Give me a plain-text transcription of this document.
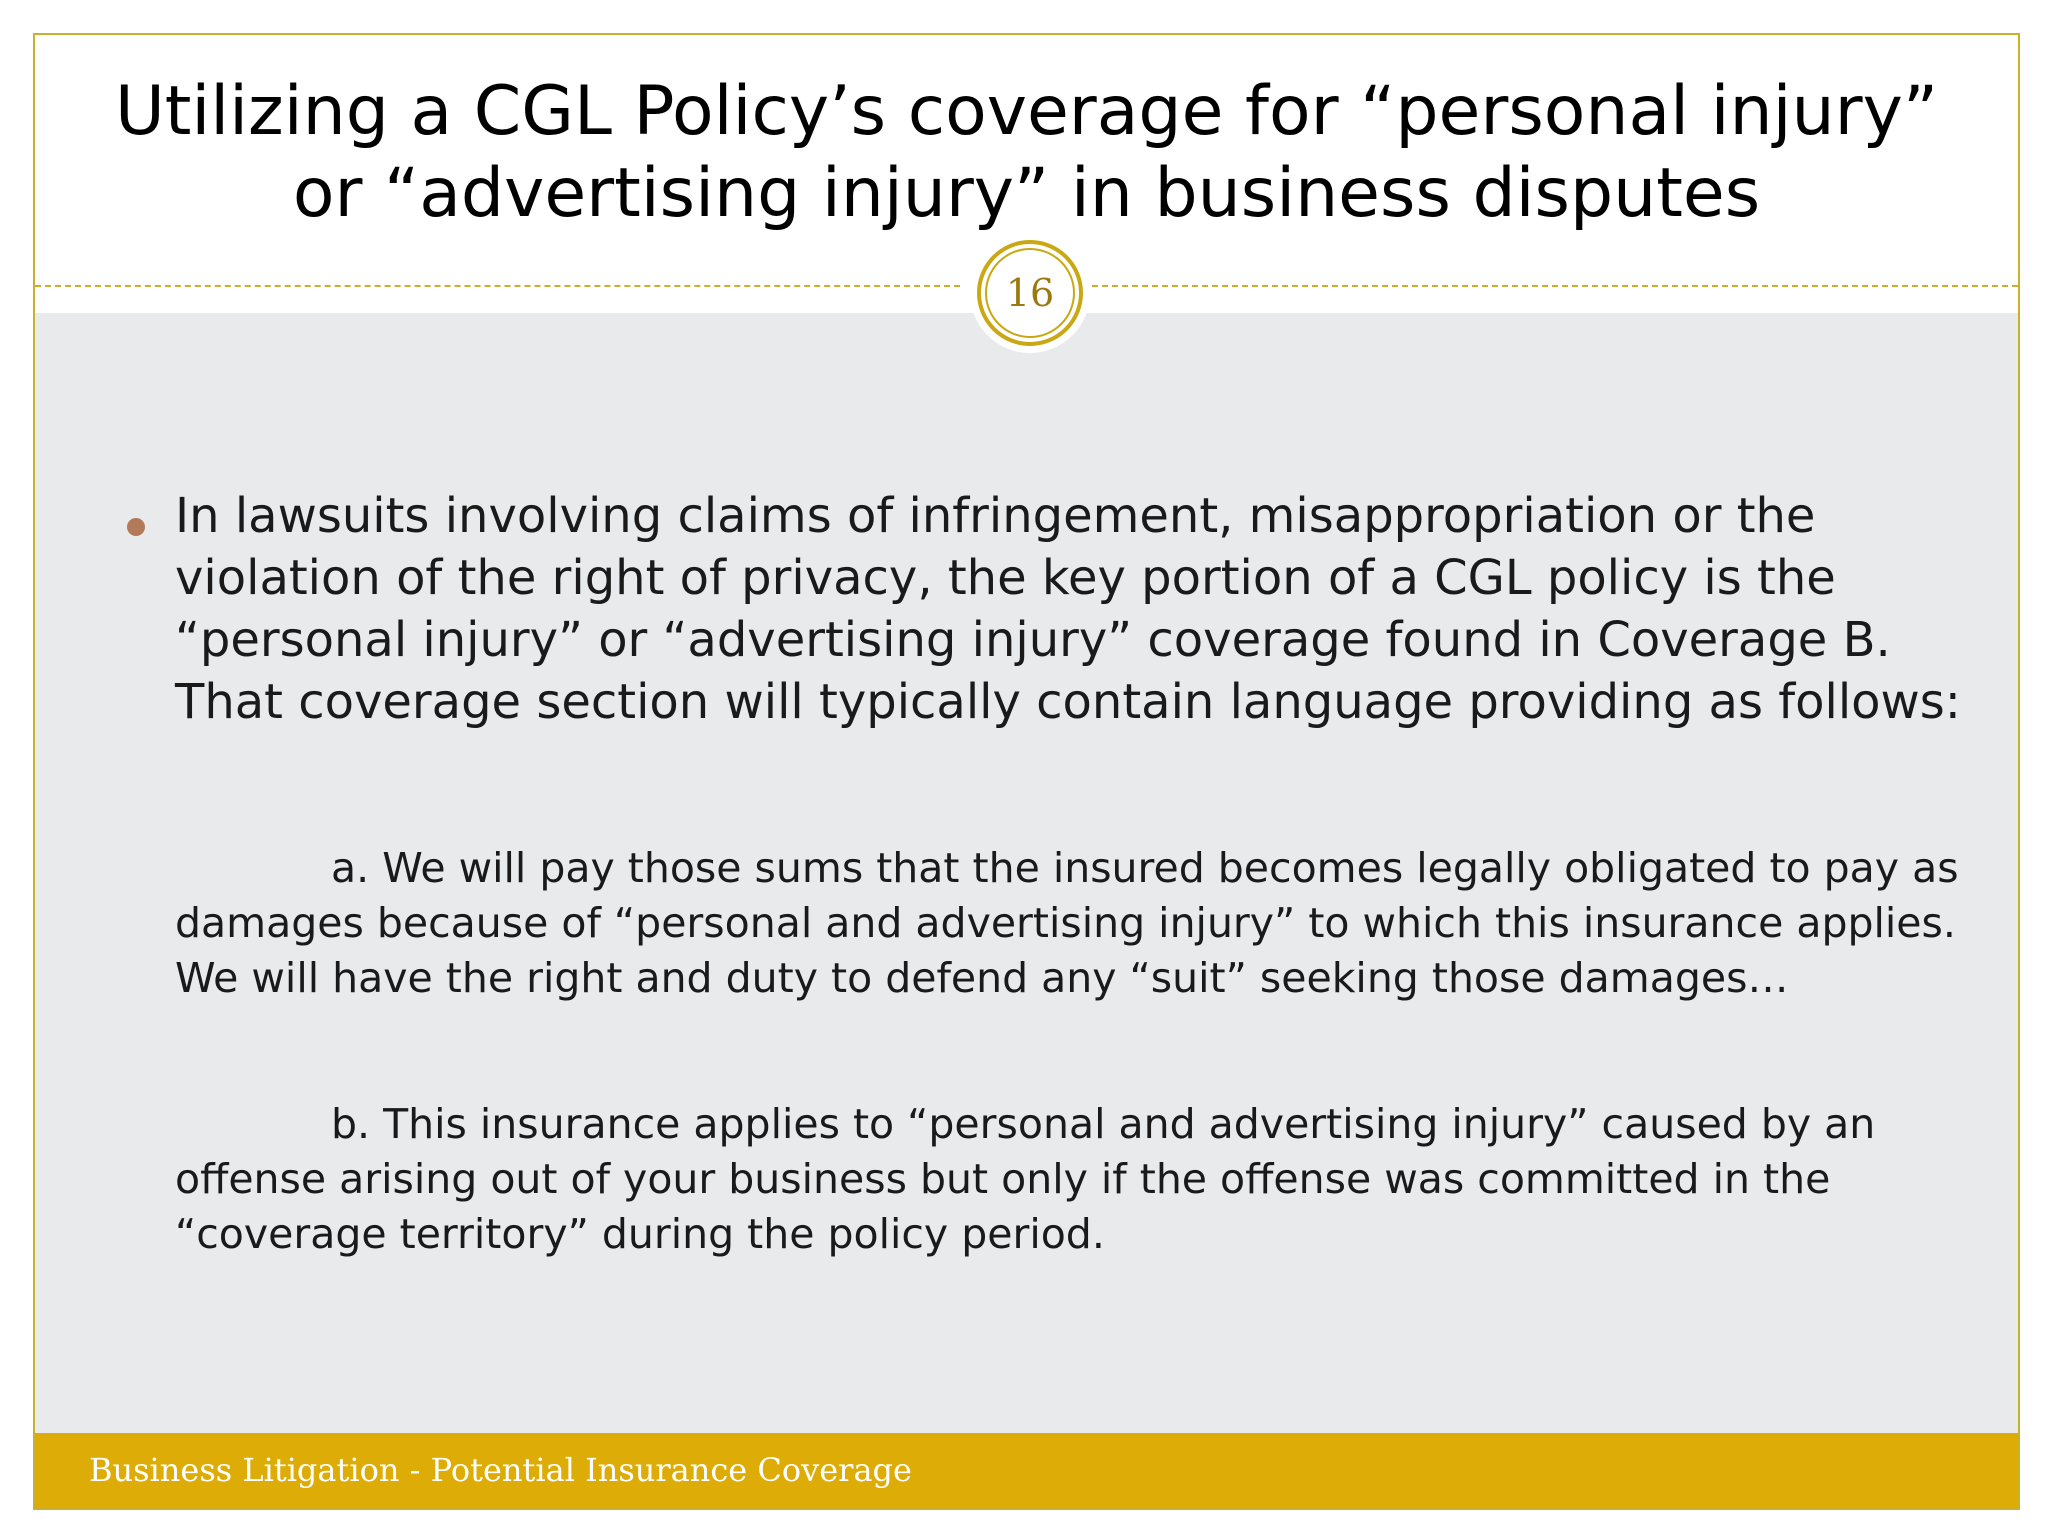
Utilizing a CGL Policy’s coverage for “personal injury”
or “advertising injury” in business disputes
16

In lawsuits involving claims of infringement, misappropriation or the violation of the right of privacy, the key portion of a CGL policy is the “personal injury” or “advertising injury” coverage found in Coverage B. That coverage section will typically contain language providing as follows:

a. We will pay those sums that the insured becomes legally obligated to pay as damages because of “personal and advertising injury” to which this insurance applies. We will have the right and duty to defend any “suit” seeking those damages…

b. This insurance applies to “personal and advertising injury” caused by an offense arising out of your business but only if the offense was committed in the “coverage territory” during the policy period.

Business Litigation - Potential Insurance Coverage
